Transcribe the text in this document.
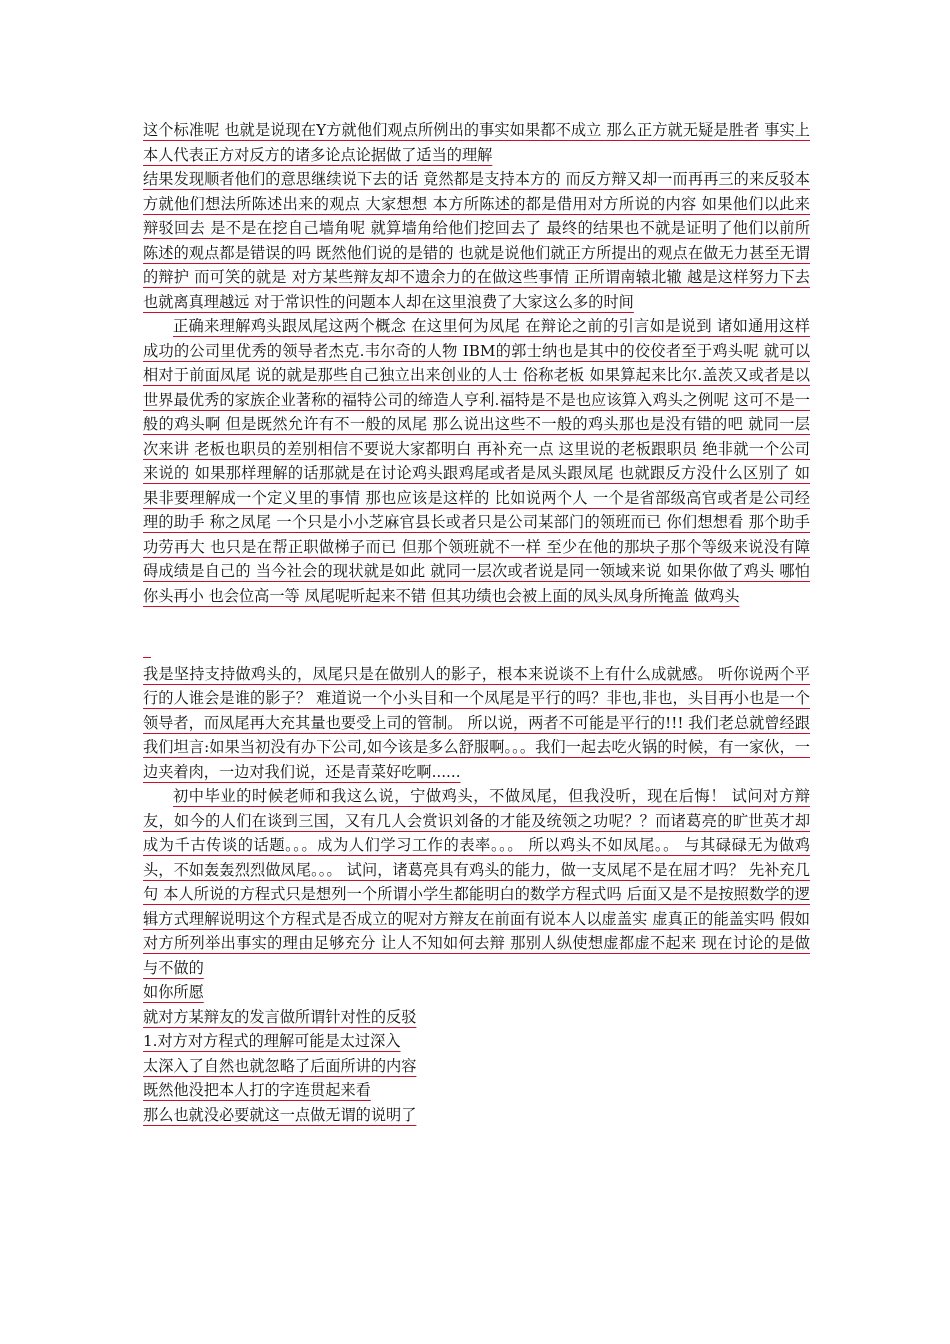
这个标准呢 也就是说现在Y方就他们观点所例出的事实如果都不成立 那么正方就无疑是胜者 事实上本人代表正方对反方的诸多论点论据做了适当的理解
结果发现顺者他们的意思继续说下去的话 竟然都是支持本方的 而反方辩又却一而再再三的来反驳本方就他们想法所陈述出来的观点 大家想想 本方所陈述的都是借用对方所说的内容 如果他们以此来辩驳回去 是不是在挖自己墙角呢 就算墙角给他们挖回去了 最终的结果也不就是证明了他们以前所陈述的观点都是错误的吗 既然他们说的是错的 也就是说他们就正方所提出的观点在做无力甚至无谓的辩护 而可笑的就是 对方某些辩友却不遗余力的在做这些事情 正所谓南辕北辙 越是这样努力下去也就离真理越远 对于常识性的问题本人却在这里浪费了大家这么多的时间
正确来理解鸡头跟凤尾这两个概念 在这里何为凤尾 在辩论之前的引言如是说到 诸如通用这样成功的公司里优秀的领导者杰克.韦尔奇的人物 IBM的郭士纳也是其中的佼佼者至于鸡头呢 就可以相对于前面凤尾 说的就是那些自己独立出来创业的人士 俗称老板 如果算起来比尔.盖茨又或者是以世界最优秀的家族企业著称的福特公司的缔造人亨利.福特是不是也应该算入鸡头之例呢 这可不是一般的鸡头啊 但是既然允许有不一般的凤尾 那么说出这些不一般的鸡头那也是没有错的吧 就同一层次来讲 老板也职员的差别相信不要说大家都明白 再补充一点 这里说的老板跟职员 绝非就一个公司来说的 如果那样理解的话那就是在讨论鸡头跟鸡尾或者是凤头跟凤尾 也就跟反方没什么区别了 如果非要理解成一个定义里的事情 那也应该是这样的 比如说两个人 一个是省部级高官或者是公司经理的助手 称之凤尾 一个只是小小芝麻官县长或者只是公司某部门的领班而已 你们想想看 那个助手功劳再大 也只是在帮正职做梯子而已 但那个领班就不一样 至少在他的那块子那个等级来说没有障碍成绩是自己的 当今社会的现状就是如此 就同一层次或者说是同一领域来说 如果你做了鸡头 哪怕你头再小 也会位高一等 凤尾呢听起来不错 但其功绩也会被上面的凤头凤身所掩盖 做鸡头
我是坚持支持做鸡头的，凤尾只是在做别人的影子，根本来说谈不上有什么成就感。 听你说两个平行的人谁会是谁的影子？ 难道说一个小头目和一个凤尾是平行的吗？非也,非也，头目再小也是一个领导者，而凤尾再大充其量也要受上司的管制。 所以说，两者不可能是平行的!!! 我们老总就曾经跟我们坦言:如果当初没有办下公司,如今该是多么舒服啊。。。我们一起去吃火锅的时候，有一家伙，一边夹着肉，一边对我们说，还是青菜好吃啊......
初中毕业的时候老师和我这么说，宁做鸡头，不做凤尾，但我没听，现在后悔！ 试问对方辩友，如今的人们在谈到三国，又有几人会赏识刘备的才能及统领之功呢？？而诸葛亮的旷世英才却成为千古传谈的话题。。。成为人们学习工作的表率。。。 所以鸡头不如凤尾。。 与其碌碌无为做鸡头，不如轰轰烈烈做凤尾。。。 试问，诸葛亮具有鸡头的能力，做一支凤尾不是在屈才吗？ 先补充几句 本人所说的方程式只是想列一个所谓小学生都能明白的数学方程式吗 后面又是不是按照数学的逻辑方式理解说明这个方程式是否成立的呢对方辩友在前面有说本人以虚盖实 虚真正的能盖实吗 假如对方所列举出事实的理由足够充分 让人不知如何去辩 那别人纵使想虚都虚不起来 现在讨论的是做与不做的
如你所愿
就对方某辩友的发言做所谓针对性的反驳
1.对方对方程式的理解可能是太过深入
太深入了自然也就忽略了后面所讲的内容
既然他没把本人打的字连贯起来看
那么也就没必要就这一点做无谓的说明了
